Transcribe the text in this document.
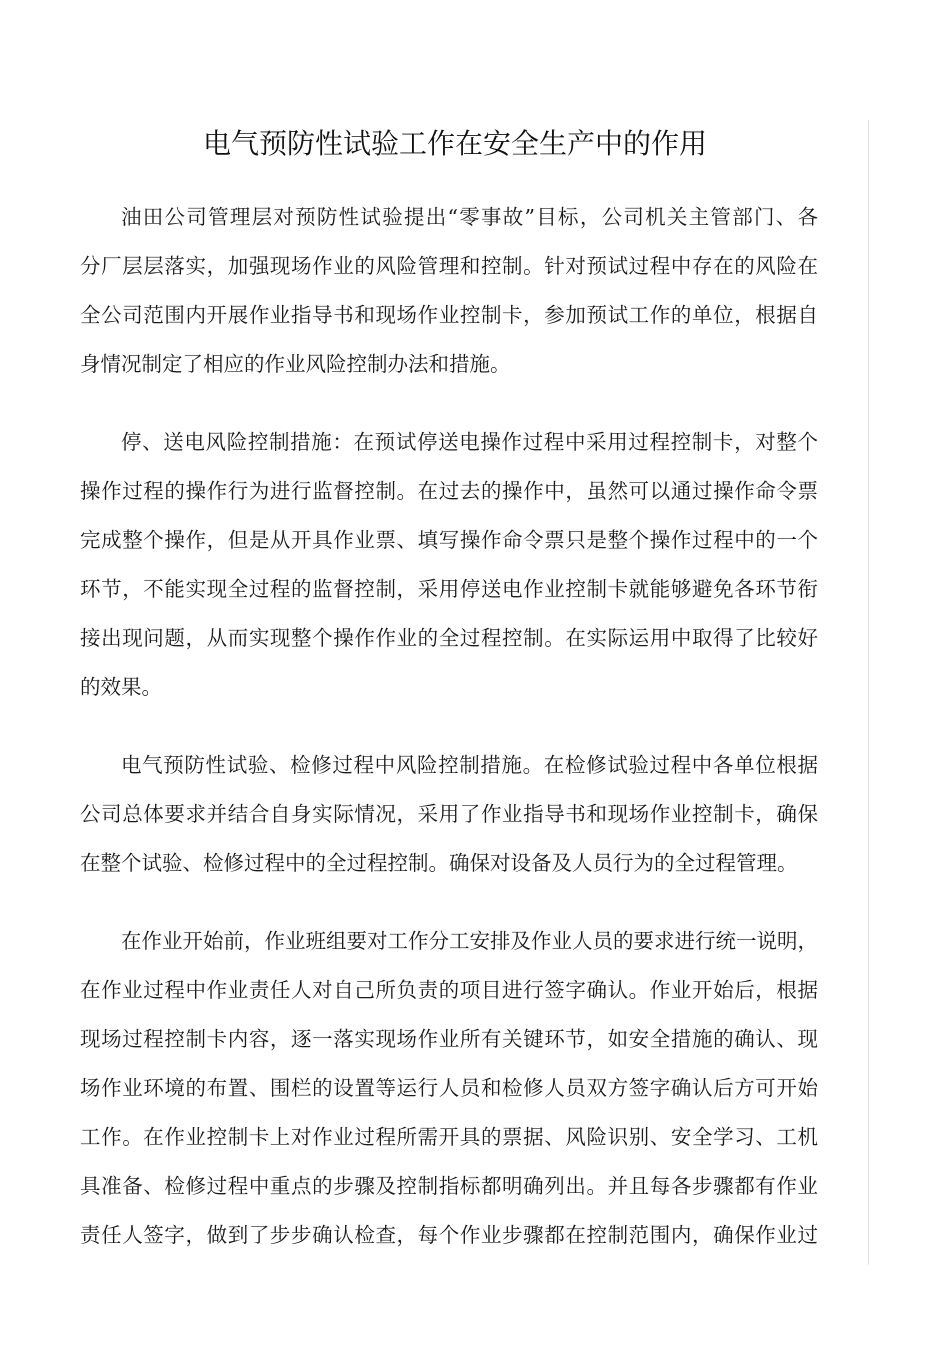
电气预防性试验工作在安全生产中的作用

油田公司管理层对预防性试验提出“零事故”目标，公司机关主管部门、各
分厂层层落实，加强现场作业的风险管理和控制。针对预试过程中存在的风险在
全公司范围内开展作业指导书和现场作业控制卡，参加预试工作的单位，根据自
身情况制定了相应的作业风险控制办法和措施。

停、送电风险控制措施：在预试停送电操作过程中采用过程控制卡，对整个
操作过程的操作行为进行监督控制。在过去的操作中，虽然可以通过操作命令票
完成整个操作，但是从开具作业票、填写操作命令票只是整个操作过程中的一个
环节，不能实现全过程的监督控制，采用停送电作业控制卡就能够避免各环节衔
接出现问题，从而实现整个操作作业的全过程控制。在实际运用中取得了比较好
的效果。

电气预防性试验、检修过程中风险控制措施。在检修试验过程中各单位根据
公司总体要求并结合自身实际情况，采用了作业指导书和现场作业控制卡，确保
在整个试验、检修过程中的全过程控制。确保对设备及人员行为的全过程管理。

在作业开始前，作业班组要对工作分工安排及作业人员的要求进行统一说明，
在作业过程中作业责任人对自己所负责的项目进行签字确认。作业开始后，根据
现场过程控制卡内容，逐一落实现场作业所有关键环节，如安全措施的确认、现
场作业环境的布置、围栏的设置等运行人员和检修人员双方签字确认后方可开始
工作。在作业控制卡上对作业过程所需开具的票据、风险识别、安全学习、工机
具准备、检修过程中重点的步骤及控制指标都明确列出。并且每各步骤都有作业
责任人签字，做到了步步确认检查，每个作业步骤都在控制范围内，确保作业过
